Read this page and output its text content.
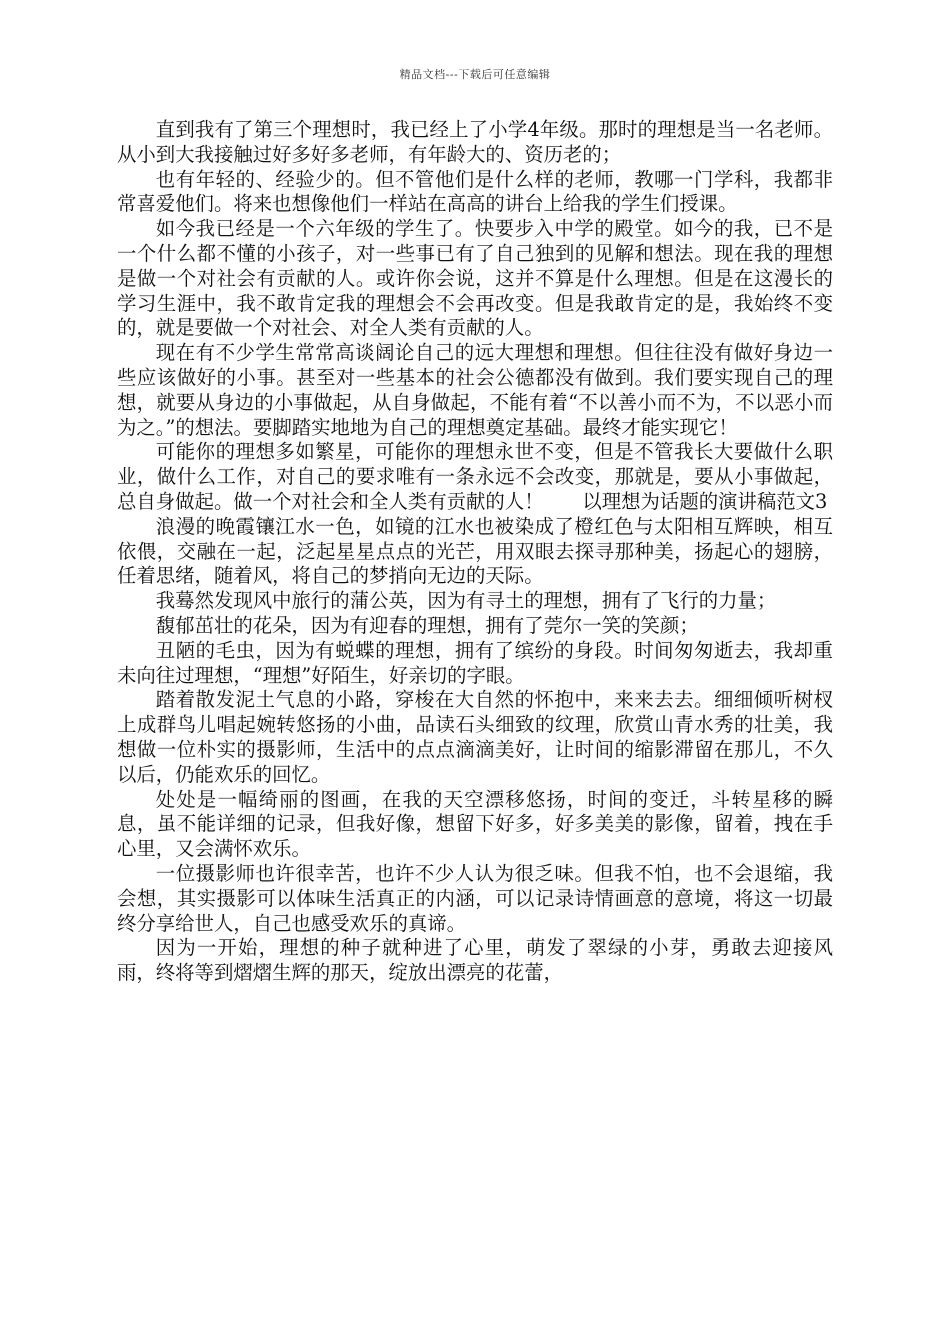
精品文档---下载后可任意编辑

直到我有了第三个理想时，我已经上了小学4年级。那时的理想是当一名老师。从小到大我接触过好多好多老师，有年龄大的、资历老的；

也有年轻的、经验少的。但不管他们是什么样的老师，教哪一门学科，我都非常喜爱他们。将来也想像他们一样站在高高的讲台上给我的学生们授课。

如今我已经是一个六年级的学生了。快要步入中学的殿堂。如今的我，已不是一个什么都不懂的小孩子，对一些事已有了自己独到的见解和想法。现在我的理想是做一个对社会有贡献的人。或许你会说，这并不算是什么理想。但是在这漫长的学习生涯中，我不敢肯定我的理想会不会再改变。但是我敢肯定的是，我始终不变的，就是要做一个对社会、对全人类有贡献的人。

现在有不少学生常常高谈阔论自己的远大理想和理想。但往往没有做好身边一些应该做好的小事。甚至对一些基本的社会公德都没有做到。我们要实现自己的理想，就要从身边的小事做起，从自身做起，不能有着“不以善小而不为，不以恶小而为之。”的想法。要脚踏实地地为自己的理想奠定基础。最终才能实现它！

可能你的理想多如繁星，可能你的理想永世不变，但是不管我长大要做什么职业，做什么工作，对自己的要求唯有一条永远不会改变，那就是，要从小事做起，总自身做起。做一个对社会和全人类有贡献的人！　　以理想为话题的演讲稿范文3

浪漫的晚霞镶江水一色，如镜的江水也被染成了橙红色与太阳相互辉映，相互依偎，交融在一起，泛起星星点点的光芒，用双眼去探寻那种美，扬起心的翅膀，任着思绪，随着风，将自己的梦捎向无边的天际。

我蓦然发现风中旅行的蒲公英，因为有寻土的理想，拥有了飞行的力量；

馥郁茁壮的花朵，因为有迎春的理想，拥有了莞尔一笑的笑颜；

丑陋的毛虫，因为有蜕蝶的理想，拥有了缤纷的身段。时间匆匆逝去，我却重未向往过理想，“理想”好陌生，好亲切的字眼。

踏着散发泥土气息的小路，穿梭在大自然的怀抱中，来来去去。细细倾听树杈上成群鸟儿唱起婉转悠扬的小曲，品读石头细致的纹理，欣赏山青水秀的壮美，我想做一位朴实的摄影师，生活中的点点滴滴美好，让时间的缩影滞留在那儿，不久以后，仍能欢乐的回忆。

处处是一幅绮丽的图画，在我的天空漂移悠扬，时间的变迁，斗转星移的瞬息，虽不能详细的记录，但我好像，想留下好多，好多美美的影像，留着，拽在手心里，又会满怀欢乐。

一位摄影师也许很幸苦，也许不少人认为很乏味。但我不怕，也不会退缩，我会想，其实摄影可以体味生活真正的内涵，可以记录诗情画意的意境，将这一切最终分享给世人，自己也感受欢乐的真谛。

因为一开始，理想的种子就种进了心里，萌发了翠绿的小芽，勇敢去迎接风雨，终将等到熠熠生辉的那天，绽放出漂亮的花蕾，
